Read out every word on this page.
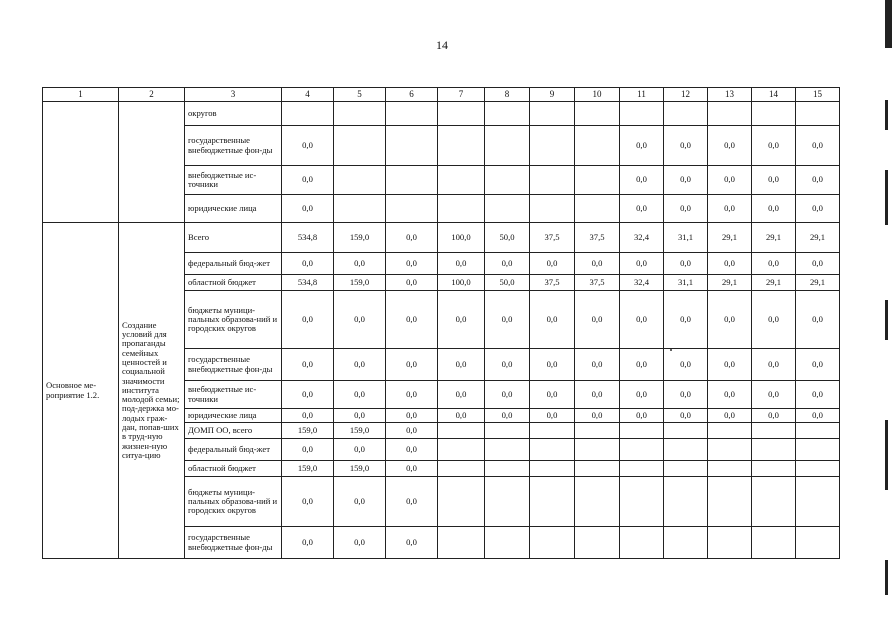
14
1	2	3	4	5	6	7	8	9	10	11	12	13	14	15
		округов												
		государственные внебюджетные фон-ды	0,0							0,0	0,0	0,0	0,0	0,0
		внебюджетные ис-точники	0,0							0,0	0,0	0,0	0,0	0,0
		юридические лица	0,0							0,0	0,0	0,0	0,0	0,0
Основное ме-роприятие 1.2.	Создание условий для пропаганды семейных ценностей и социальной значимости института молодой семьи; под-держка мо-лодых граж-дан, попав-ших в труд-ную жизнен-ную ситуа-цию	Всего	534,8	159,0	0,0	100,0	50,0	37,5	37,5	32,4	31,1	29,1	29,1	29,1
		федеральный бюд-жет	0,0	0,0	0,0	0,0	0,0	0,0	0,0	0,0	0,0	0,0	0,0	0,0
		областной бюджет	534,8	159,0	0,0	100,0	50,0	37,5	37,5	32,4	31,1	29,1	29,1	29,1
		бюджеты муници-пальных образова-ний и городских округов	0,0	0,0	0,0	0,0	0,0	0,0	0,0	0,0	0,0	0,0	0,0	0,0
		государственные внебюджетные фон-ды	0,0	0,0	0,0	0,0	0,0	0,0	0,0	0,0	0,0	0,0	0,0	0,0
		внебюджетные ис-точники	0,0	0,0	0,0	0,0	0,0	0,0	0,0	0,0	0,0	0,0	0,0	0,0
		юридические лица	0,0	0,0	0,0	0,0	0,0	0,0	0,0	0,0	0,0	0,0	0,0	0,0
		ДОМП ОО, всего	159,0	159,0	0,0									
		федеральный бюд-жет	0,0	0,0	0,0									
		областной бюджет	159,0	159,0	0,0									
		бюджеты муници-пальных образова-ний и городских округов	0,0	0,0	0,0									
		государственные внебюджетные фон-ды	0,0	0,0	0,0									
